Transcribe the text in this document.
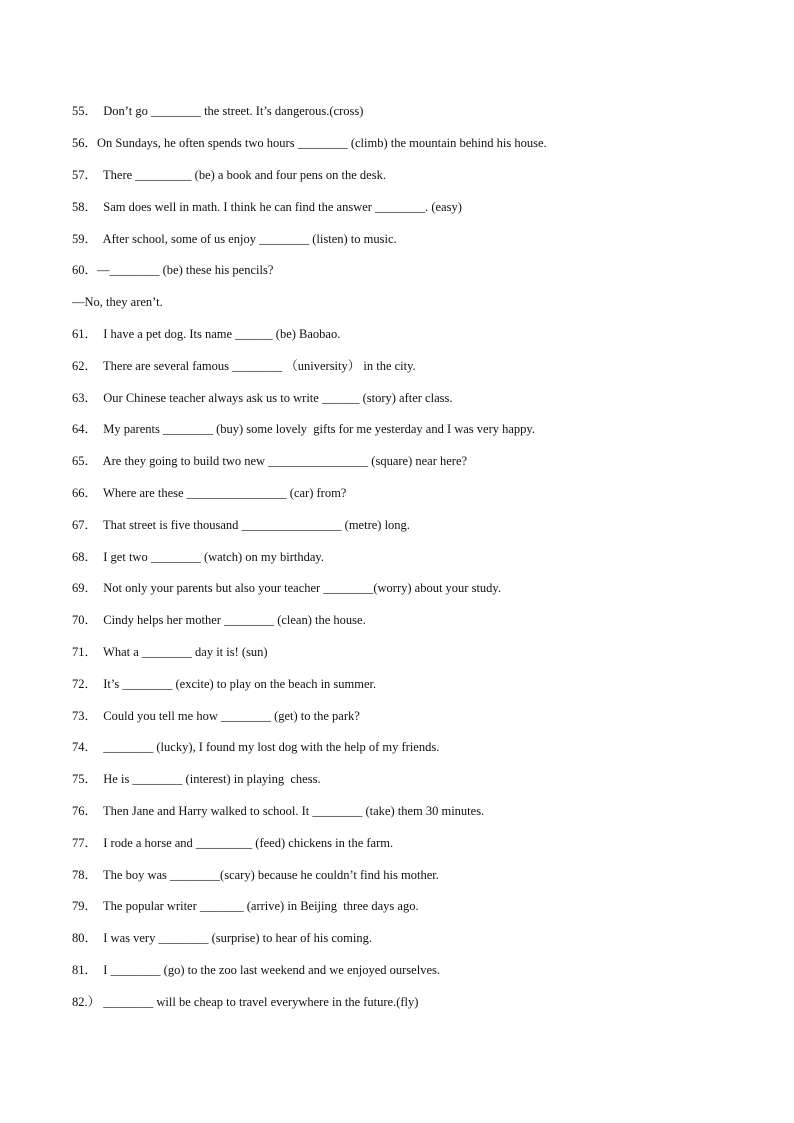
55．  Don’t go ________ the street. It’s dangerous.(cross)
56．On Sundays, he often spends two hours ________ (climb) the mountain behind his house.
57．  There _________ (be) a book and four pens on the desk.
58．  Sam does well in math. I think he can find the answer ________. (easy)
59．  After school, some of us enjoy ________ (listen) to music.
60．—________ (be) these his pencils?
—No, they aren’t.
61．  I have a pet dog. Its name ______ (be) Baobao.
62．  There are several famous ________ （university） in the city.
63．  Our Chinese teacher always ask us to write ______ (story) after class.
64．  My parents ________ (buy) some lovely  gifts for me yesterday and I was very happy.
65．  Are they going to build two new ________________ (square) near here?
66．  Where are these ________________ (car) from?
67．  That street is five thousand ________________ (metre) long.
68．  I get two ________ (watch) on my birthday.
69．  Not only your parents but also your teacher ________(worry) about your study.
70．  Cindy helps her mother ________ (clean) the house.
71．  What a ________ day it is! (sun)
72．  It’s ________ (excite) to play on the beach in summer.
73．  Could you tell me how ________ (get) to the park?
74．  ________ (lucky), I found my lost dog with the help of my friends.
75．  He is ________ (interest) in playing  chess.
76．  Then Jane and Harry walked to school. It ________ (take) them 30 minutes.
77．  I rode a horse and _________ (feed) chickens in the farm.
78．  The boy was ________(scary) because he couldn’t find his mother.
79．  The popular writer _______ (arrive) in Beijing  three days ago.
80．  I was very ________ (surprise) to hear of his coming.
81．  I ________ (go) to the zoo last weekend and we enjoyed ourselves.
82.） ________ will be cheap to travel everywhere in the future.(fly)
